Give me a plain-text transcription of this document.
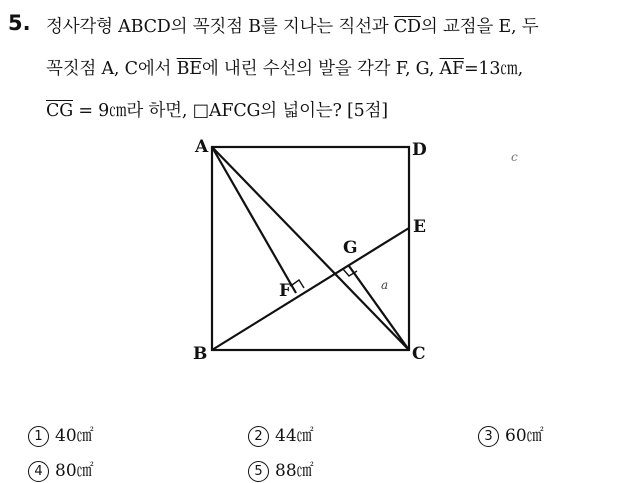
5. 정사각형 ABCD의 꼭짓점 B를 지나는 직선과 $\overline{CD}$의 교점을 E, 두
꼭짓점 A, C에서 $\overline{BE}$에 내린 수선의 발을 각각 F, G, $\overline{AF}=13㎝$,
$\overline{CG}$ = 9㎝라 하면, □AFCG의 넓이는? [5점]
A	D
E
G
F
B	C
a
c
1 40㎠	2 44㎠	3 60㎠
4 80㎠	5 88㎠
